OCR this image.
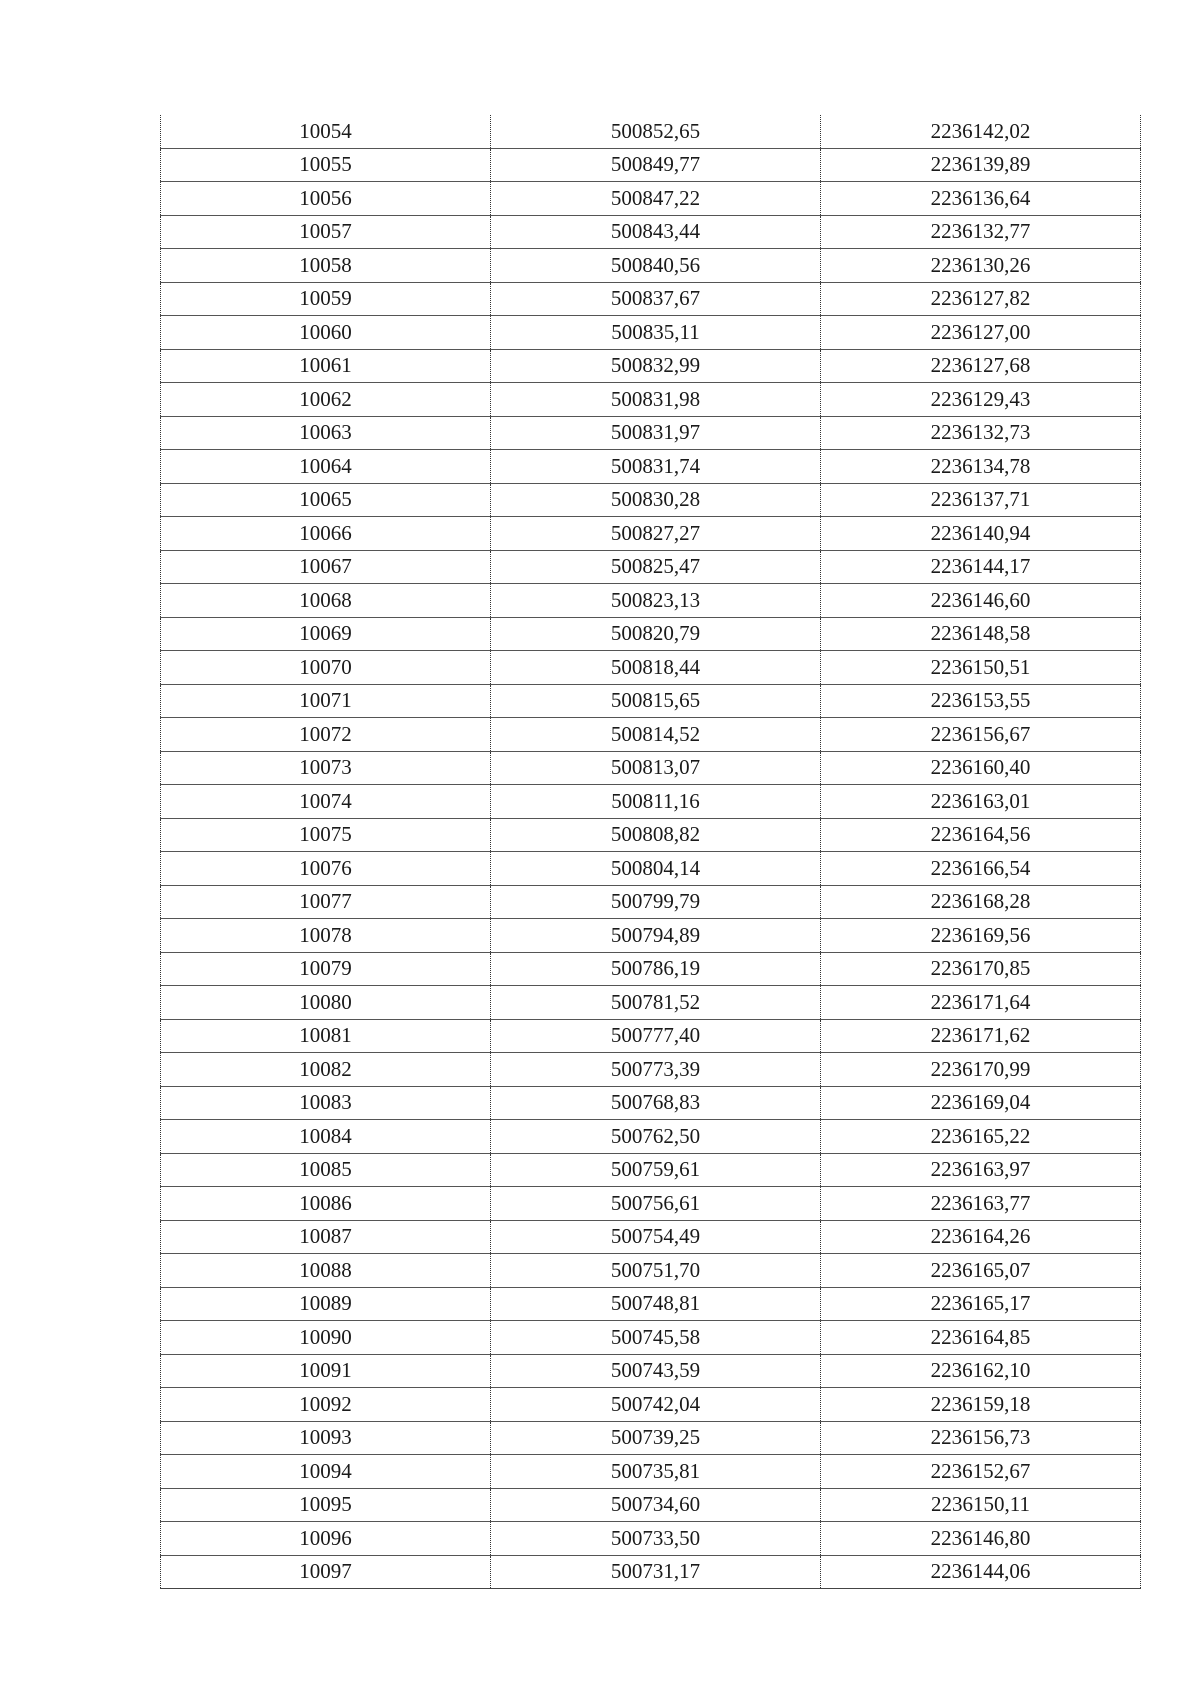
10054	500852,65	2236142,02
10055	500849,77	2236139,89
10056	500847,22	2236136,64
10057	500843,44	2236132,77
10058	500840,56	2236130,26
10059	500837,67	2236127,82
10060	500835,11	2236127,00
10061	500832,99	2236127,68
10062	500831,98	2236129,43
10063	500831,97	2236132,73
10064	500831,74	2236134,78
10065	500830,28	2236137,71
10066	500827,27	2236140,94
10067	500825,47	2236144,17
10068	500823,13	2236146,60
10069	500820,79	2236148,58
10070	500818,44	2236150,51
10071	500815,65	2236153,55
10072	500814,52	2236156,67
10073	500813,07	2236160,40
10074	500811,16	2236163,01
10075	500808,82	2236164,56
10076	500804,14	2236166,54
10077	500799,79	2236168,28
10078	500794,89	2236169,56
10079	500786,19	2236170,85
10080	500781,52	2236171,64
10081	500777,40	2236171,62
10082	500773,39	2236170,99
10083	500768,83	2236169,04
10084	500762,50	2236165,22
10085	500759,61	2236163,97
10086	500756,61	2236163,77
10087	500754,49	2236164,26
10088	500751,70	2236165,07
10089	500748,81	2236165,17
10090	500745,58	2236164,85
10091	500743,59	2236162,10
10092	500742,04	2236159,18
10093	500739,25	2236156,73
10094	500735,81	2236152,67
10095	500734,60	2236150,11
10096	500733,50	2236146,80
10097	500731,17	2236144,06
